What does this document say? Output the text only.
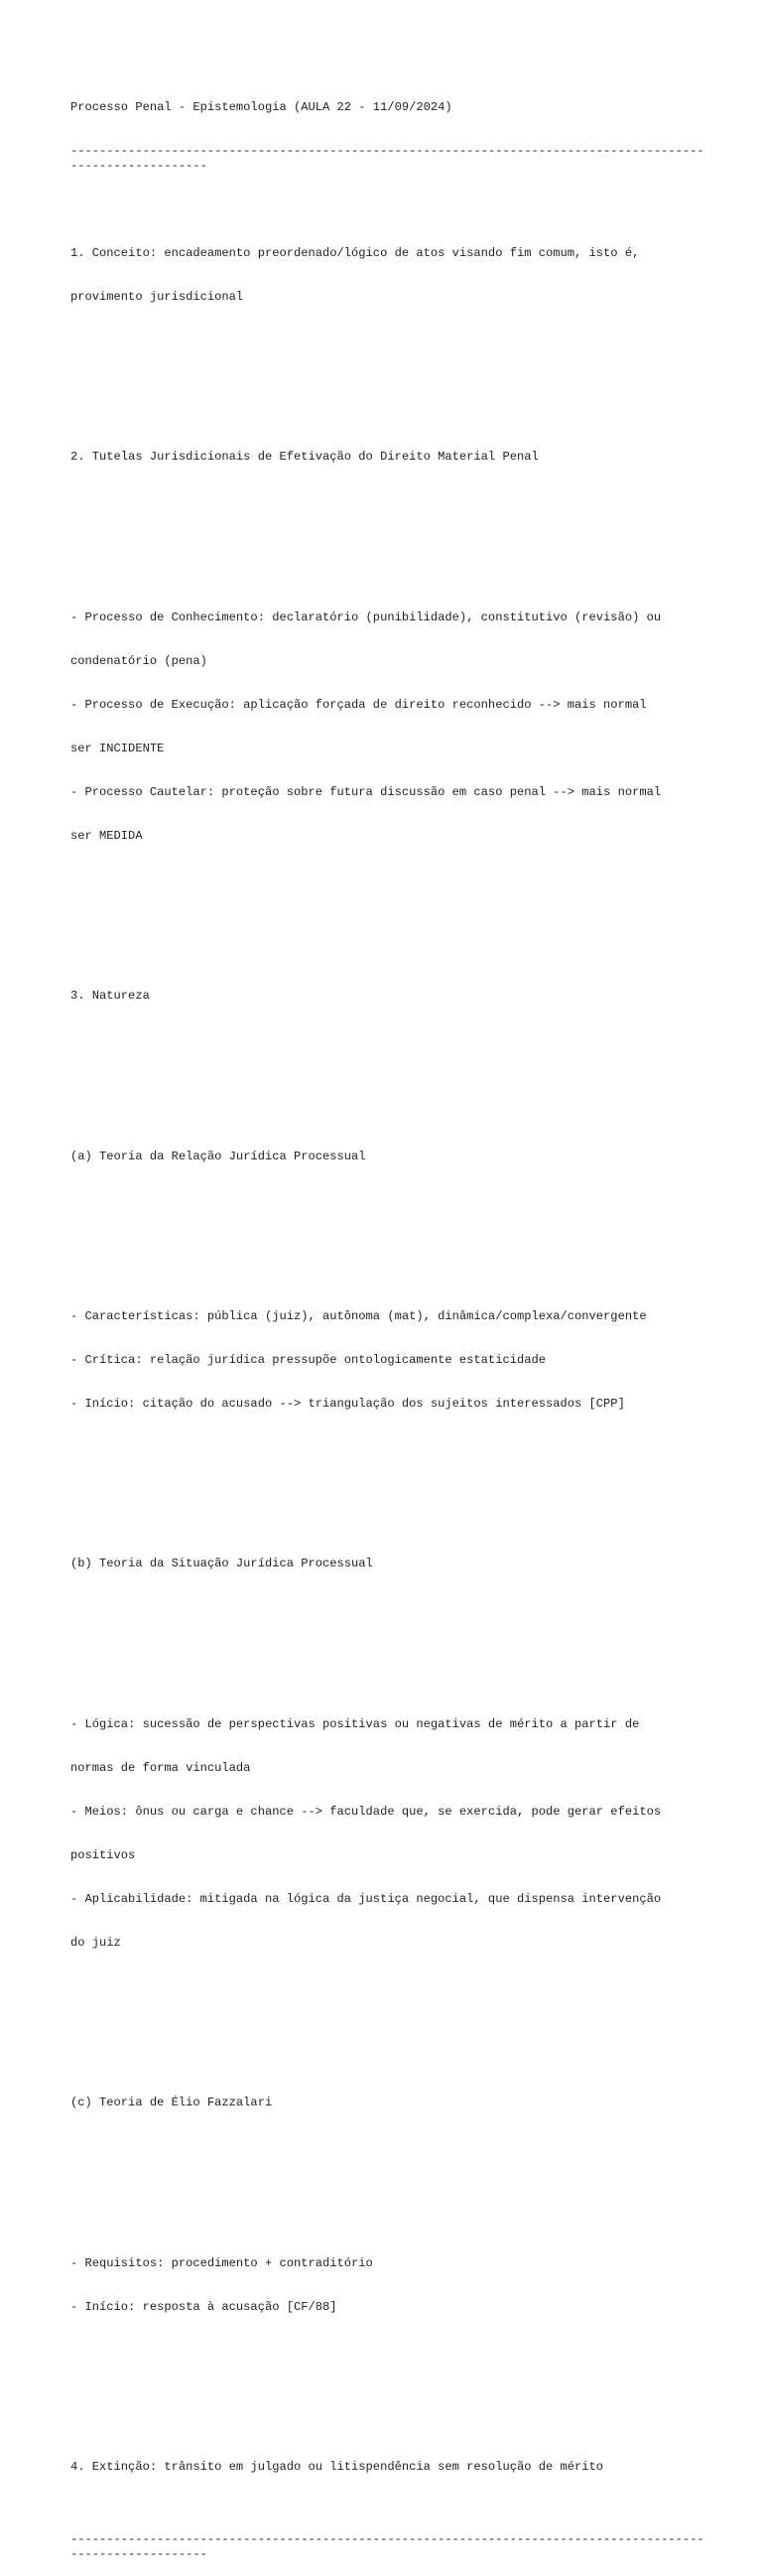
Processo Penal - Epistemologia (AULA 22 - 11/09/2024)

-----------------------------------------------------------------------------------------------------------

1. Conceito: encadeamento preordenado/lógico de atos visando fim comum, isto é,

provimento jurisdicional

2. Tutelas Jurisdicionais de Efetivação do Direito Material Penal

- Processo de Conhecimento: declaratório (punibilidade), constitutivo (revisão) ou

condenatório (pena)

- Processo de Execução: aplicação forçada de direito reconhecido --> mais normal

ser INCIDENTE

- Processo Cautelar: proteção sobre futura discussão em caso penal --> mais normal

ser MEDIDA

3. Natureza

(a) Teoria da Relação Jurídica Processual

- Características: pública (juiz), autônoma (mat), dinâmica/complexa/convergente

- Crítica: relação jurídica pressupõe ontologicamente estaticidade

- Início: citação do acusado --> triangulação dos sujeitos interessados [CPP]

(b) Teoria da Situação Jurídica Processual

- Lógica: sucessão de perspectivas positivas ou negativas de mérito a partir de

normas de forma vinculada

- Meios: ônus ou carga e chance --> faculdade que, se exercida, pode gerar efeitos

positivos

- Aplicabilidade: mitigada na lógica da justiça negocial, que dispensa intervenção

do juiz

(c) Teoria de Élio Fazzalari

- Requisitos: procedimento + contraditório

- Início: resposta à acusação [CF/88]

4. Extinção: trânsito em julgado ou litispendência sem resolução de mérito

-----------------------------------------------------------------------------------------------------------
